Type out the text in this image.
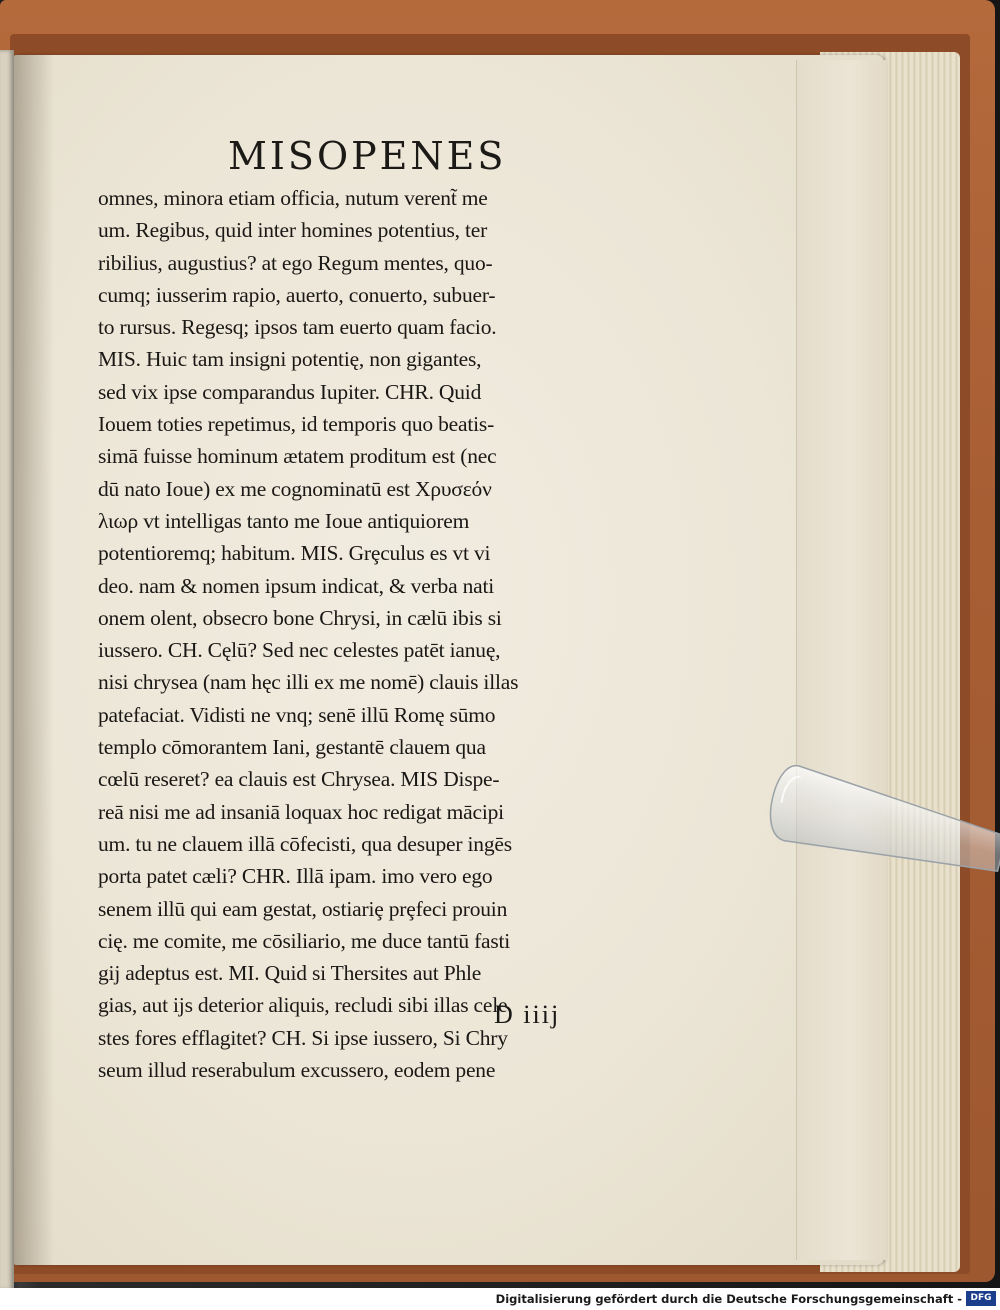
MISOPENES
omnes, minora etiam officia, nutum verent̃ me
um. Regibus, quid inter homines potentius, ter
ribilius, augustius? at ego Regum mentes, quo-
cumq; iusserim rapio, auerto, conuerto, subuer-
to rursus. Regesq; ipsos tam euerto quam facio.
MIS. Huic tam insigni potentię, non gigantes,
sed vix ipse comparandus Iupiter. CHR. Quid
Iouem toties repetimus, id temporis quo beatis-
simā fuisse hominum ætatem proditum est (nec
dū nato Ioue) ex me cognominatū est Χρυσεόν
λιωρ vt intelligas tanto me Ioue antiquiorem
potentioremq; habitum. MIS. Grȩculus es vt vi
deo. nam & nomen ipsum indicat, & verba nati
onem olent, obsecro bone Chrysi, in cælū ibis si
iussero. CH. Cęlū? Sed nec celestes patēt ianuę,
nisi chrysea (nam hęc illi ex me nomē) clauis illas
patefaciat. Vidisti ne vnq; senē illū Romę sūmo
templo cōmorantem Iani, gestantē clauem qua
cœlū reseret? ea clauis est Chrysea. MIS Dispe-
reā nisi me ad insaniā loquax hoc redigat mācipi
um. tu ne clauem illā cōfecisti, qua desuper ingēs
porta patet cæli? CHR. Illā ipam. imo vero ego
senem illū qui eam gestat, ostiariȩ prȩfeci prouin
cię. me comite, me cōsiliario, me duce tantū fasti
gij adeptus est. MI. Quid si Thersites aut Phle
gias, aut ijs deterior aliquis, recludi sibi illas cele
stes fores efflagitet? CH. Si ipse iussero, Si Chry
seum illud reserabulum excussero, eodem pene
D iiij
Digitalisierung gefördert durch die Deutsche Forschungsgemeinschaft - DFG
